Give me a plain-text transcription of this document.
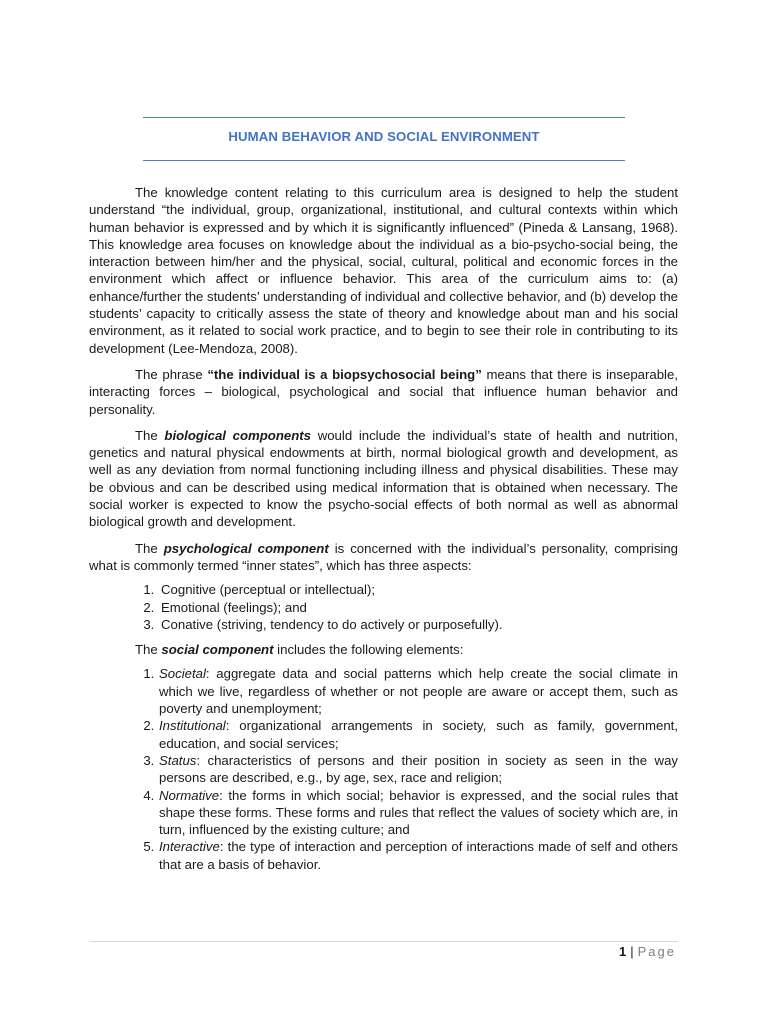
HUMAN BEHAVIOR AND SOCIAL ENVIRONMENT

The knowledge content relating to this curriculum area is designed to help the student understand “the individual, group, organizational, institutional, and cultural contexts within which human behavior is expressed and by which it is significantly influenced” (Pineda & Lansang, 1968). This knowledge area focuses on knowledge about the individual as a bio-psycho-social being, the interaction between him/her and the physical, social, cultural, political and economic forces in the environment which affect or influence behavior. This area of the curriculum aims to: (a) enhance/further the students’ understanding of individual and collective behavior, and (b) develop the students’ capacity to critically assess the state of theory and knowledge about man and his social environment, as it related to social work practice, and to begin to see their role in contributing to its development (Lee-Mendoza, 2008).

The phrase “the individual is a biopsychosocial being” means that there is inseparable, interacting forces – biological, psychological and social that influence human behavior and personality.

The biological components would include the individual’s state of health and nutrition, genetics and natural physical endowments at birth, normal biological growth and development, as well as any deviation from normal functioning including illness and physical disabilities. These may be obvious and can be described using medical information that is obtained when necessary. The social worker is expected to know the psycho-social effects of both normal as well as abnormal biological growth and development.

The psychological component is concerned with the individual’s personality, comprising what is commonly termed “inner states”, which has three aspects:

1. Cognitive (perceptual or intellectual);
2. Emotional (feelings); and
3. Conative (striving, tendency to do actively or purposefully).

The social component includes the following elements:

1. Societal: aggregate data and social patterns which help create the social climate in which we live, regardless of whether or not people are aware or accept them, such as poverty and unemployment;
2. Institutional: organizational arrangements in society, such as family, government, education, and social services;
3. Status: characteristics of persons and their position in society as seen in the way persons are described, e.g., by age, sex, race and religion;
4. Normative: the forms in which social; behavior is expressed, and the social rules that shape these forms. These forms and rules that reflect the values of society which are, in turn, influenced by the existing culture; and
5. Interactive: the type of interaction and perception of interactions made of self and others that are a basis of behavior.
1 | Page
